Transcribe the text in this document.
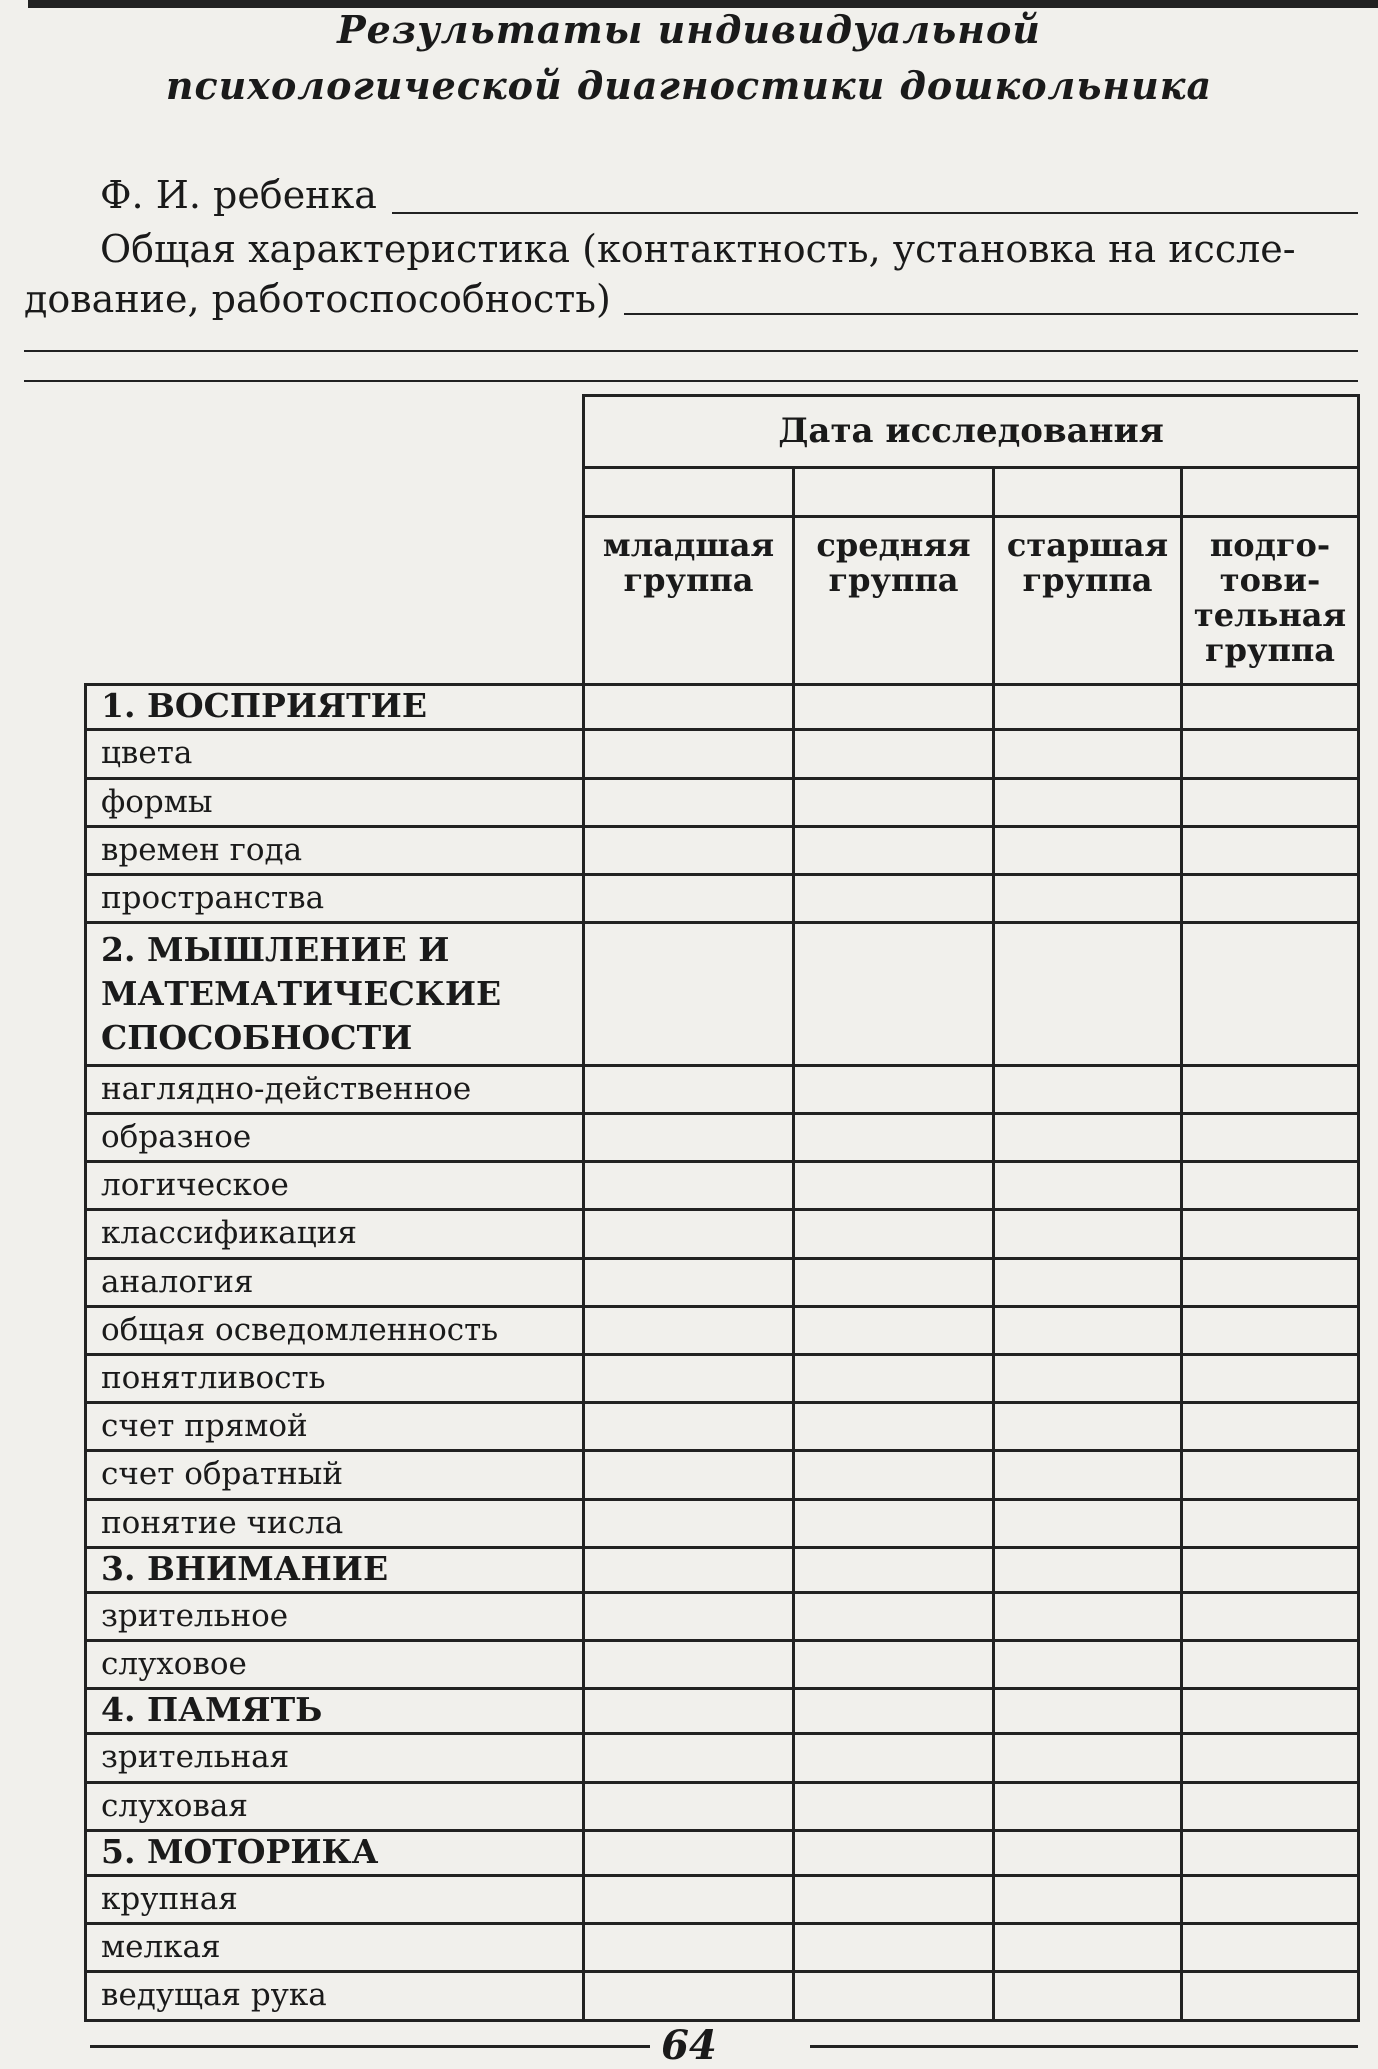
Результаты индивидуальной
психологической диагностики дошкольника
Ф. И. ребенка
Общая характеристика (контактность, установка на иссле-
дование, работоспособность)
	Дата исследования			

	младшая группа	средняя группа	старшая группа	подго- тови- тельная группа
1. ВОСПРИЯТИЕ				
цвета				
формы				
времен года				
пространства				
2. МЫШЛЕНИЕ И МАТЕМАТИЧЕСКИЕ СПОСОБНОСТИ				
наглядно-действенное				
образное				
логическое				
классификация				
аналогия				
общая осведомленность				
понятливость				
счет прямой				
счет обратный				
понятие числа				
3. ВНИМАНИЕ				
зрительное				
слуховое				
4. ПАМЯТЬ				
зрительная				
слуховая				
5. МОТОРИКА				
крупная				
мелкая				
ведущая рука				
64
